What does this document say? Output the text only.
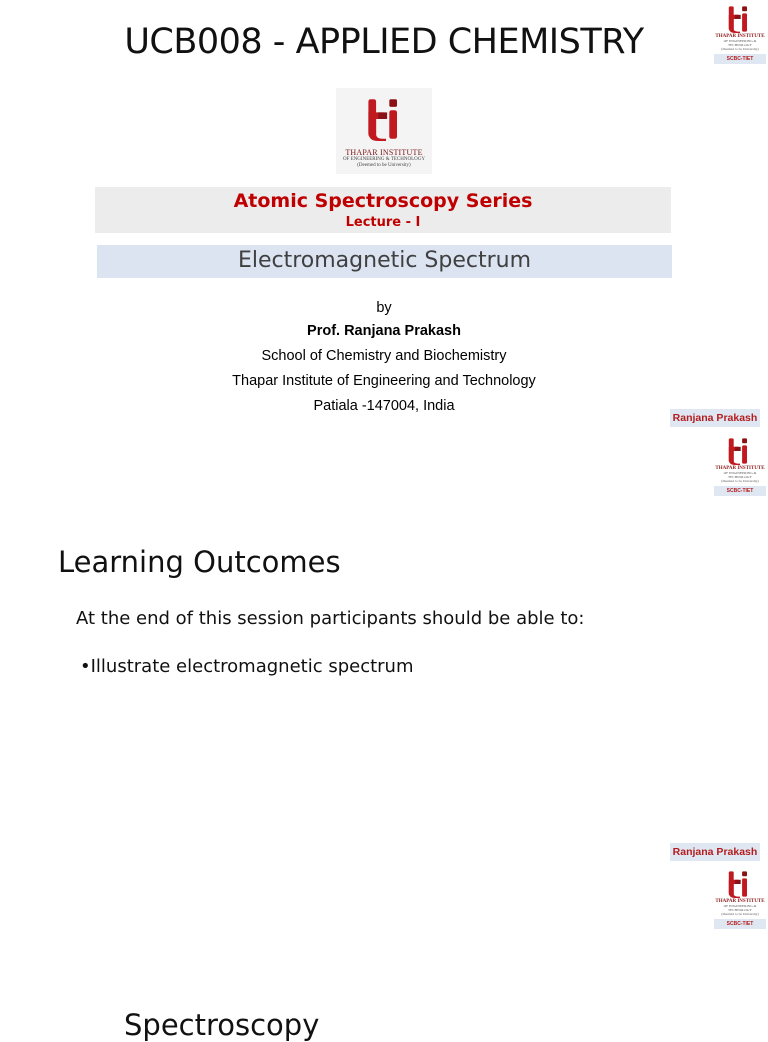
UCB008 - APPLIED CHEMISTRY	THAPAR INSTITUTE
OF ENGINEERING & TECHNOLOGY
(Deemed to be University)
SCBC-TIET
THAPAR INSTITUTE
OF ENGINEERING & TECHNOLOGY
(Deemed to be University)
Atomic Spectroscopy Series
Lecture - I
Electromagnetic Spectrum
by
Prof. Ranjana Prakash
School of Chemistry and Biochemistry
Thapar Institute of Engineering and Technology
Patiala -147004, India
Ranjana Prakash
THAPAR INSTITUTE
OF ENGINEERING & TECHNOLOGY
(Deemed to be University)
SCBC-TIET
Learning Outcomes
At the end of this session participants should be able to:
•Illustrate electromagnetic spectrum
Ranjana Prakash
THAPAR INSTITUTE
OF ENGINEERING & TECHNOLOGY
(Deemed to be University)
SCBC-TIET
Spectroscopy
